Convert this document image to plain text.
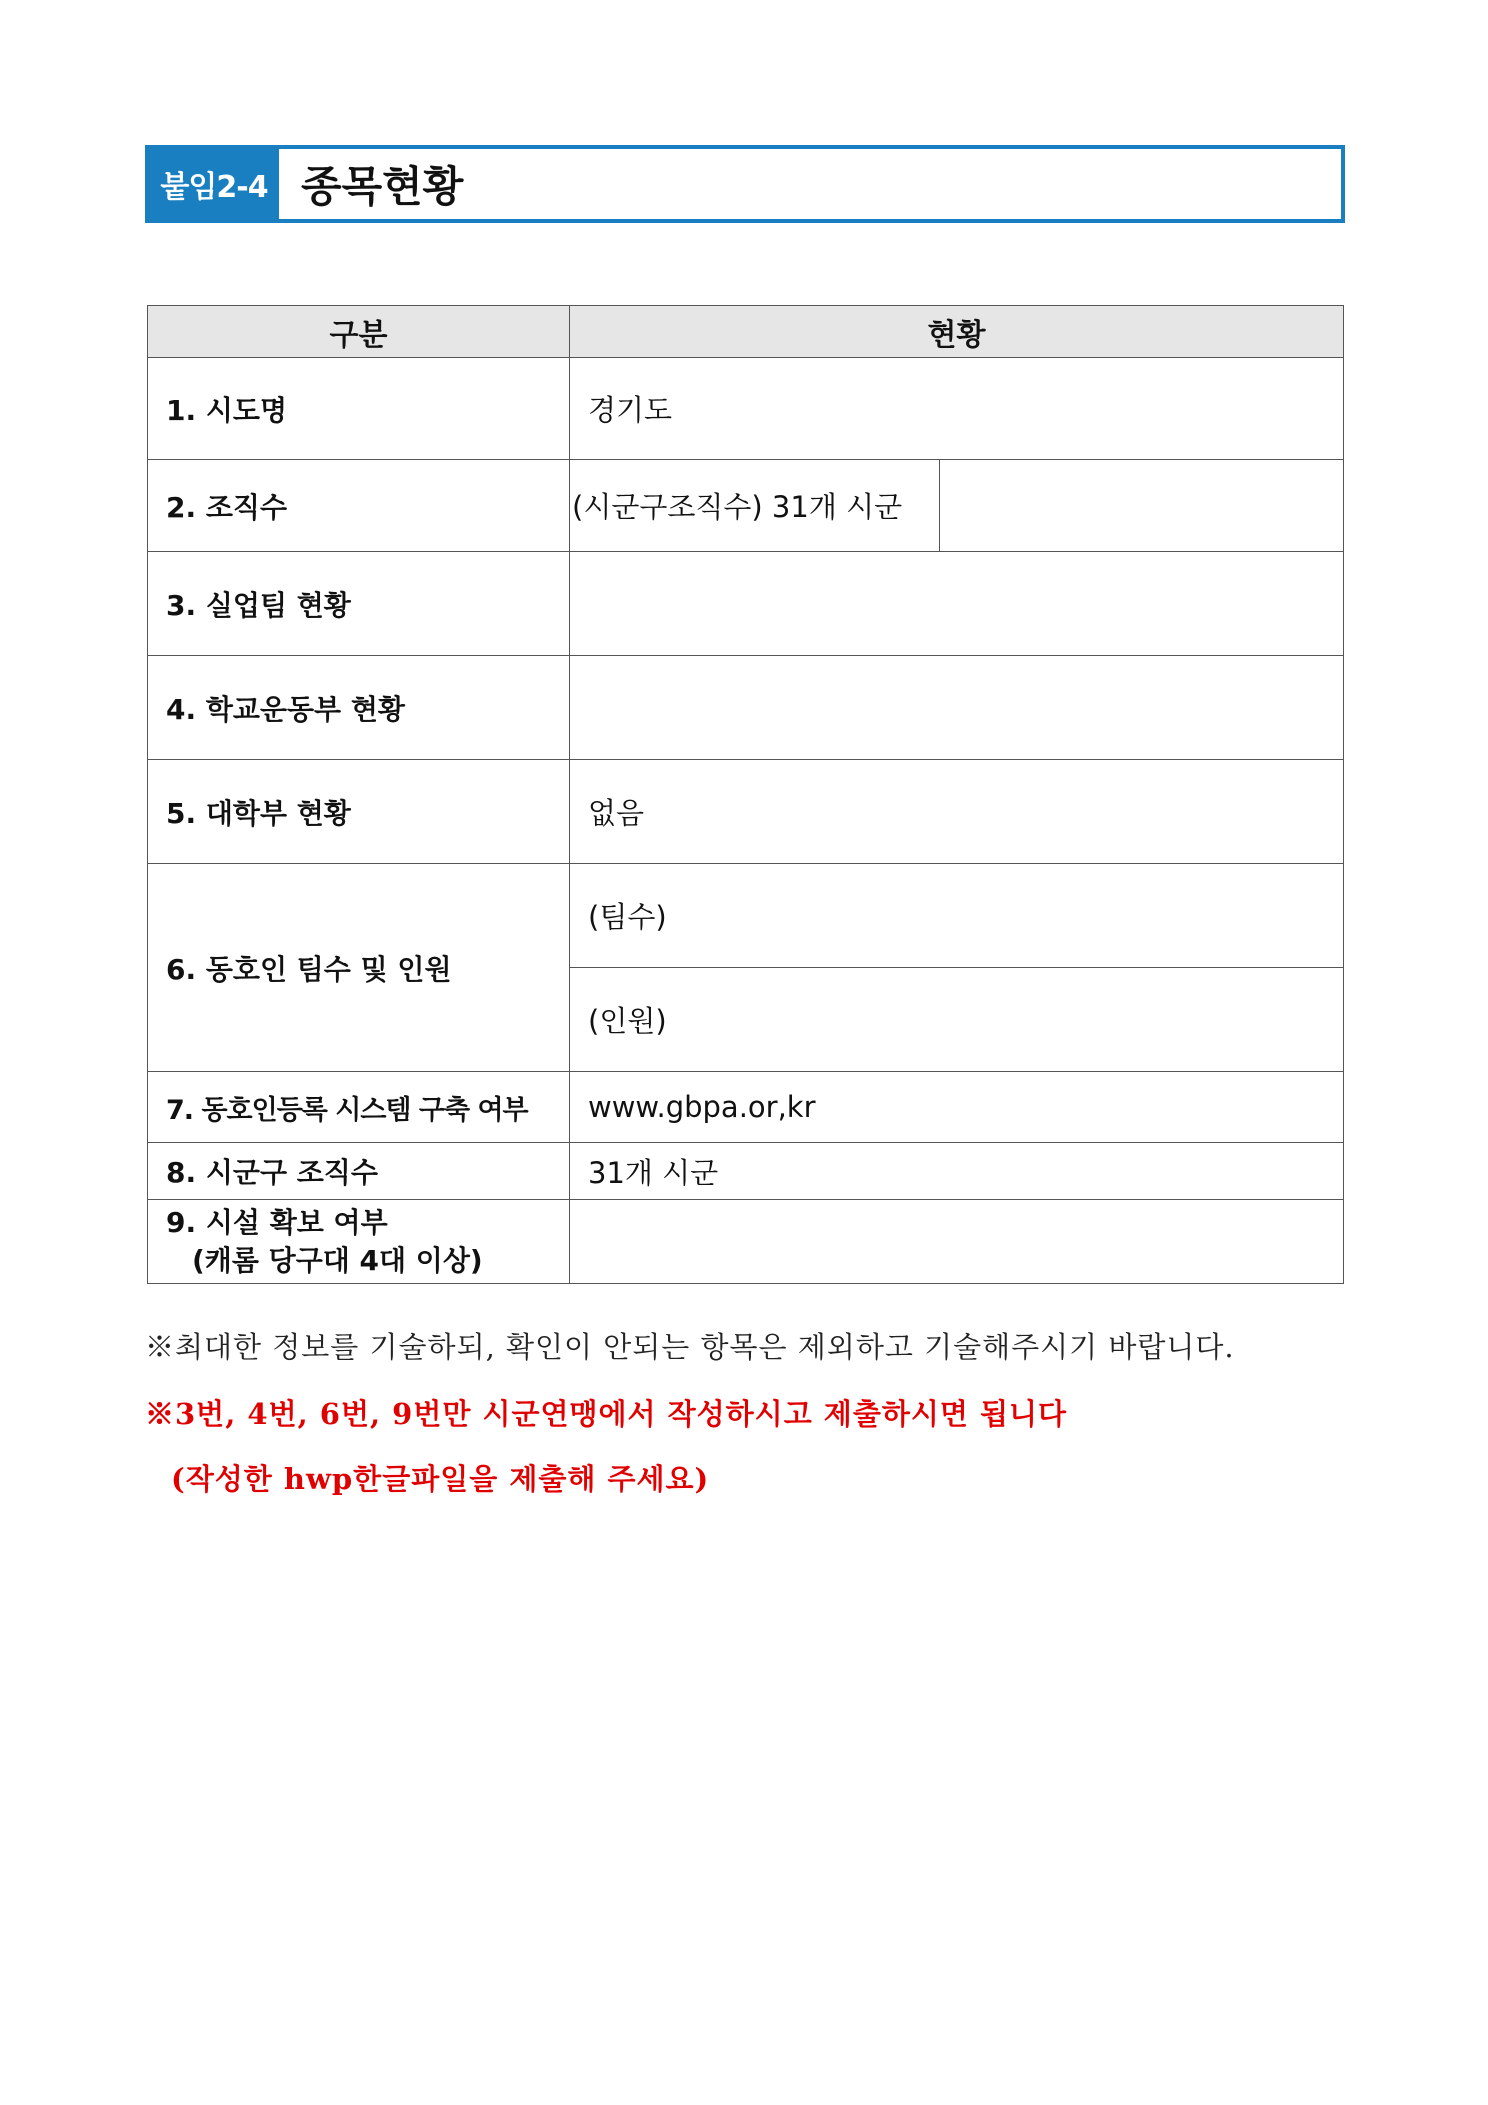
붙임2-4 종목현황
구분	현황	
1. 시도명	경기도	
2. 조직수	(시군구조직수) 31개 시군	
3. 실업팀 현황		
4. 학교운동부 현황		
5. 대학부 현황	없음	
6. 동호인 팀수 및 인원	(팀수)	
	(인원)	
7. 동호인등록 시스템 구축 여부	www.gbpa.or,kr	
8. 시군구 조직수	31개 시군	

9. 시설 확보 여부
(캐롬 당구대 4대 이상)		

※최대한 정보를 기술하되, 확인이 안되는 항목은 제외하고 기술해주시기 바랍니다.
※3번, 4번, 6번, 9번만 시군연맹에서 작성하시고 제출하시면 됩니다
(작성한 hwp한글파일을 제출해 주세요)
